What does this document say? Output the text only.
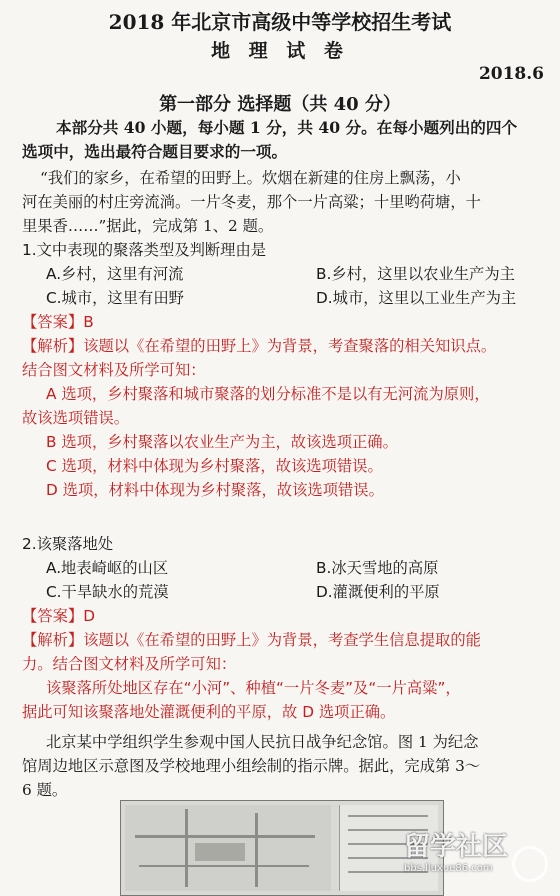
2018 年北京市高级中等学校招生考试
地 理 试 卷
2018.6
第一部分 选择题（共 40 分）
本部分共 40 小题，每小题 1 分，共 40 分。在每小题列出的四个
选项中，选出最符合题目要求的一项。
“我们的家乡，在希望的田野上。炊烟在新建的住房上飘荡，小
河在美丽的村庄旁流淌。一片冬麦，那个一片高粱；十里哟荷塘，十
里果香……”据此，完成第 1、2 题。
1.文中表现的聚落类型及判断理由是
A.乡村，这里有河流	B.乡村，这里以农业生产为主
C.城市，这里有田野	D.城市，这里以工业生产为主
【答案】B
【解析】该题以《在希望的田野上》为背景，考查聚落的相关知识点。
结合图文材料及所学可知：
A 选项，乡村聚落和城市聚落的划分标准不是以有无河流为原则，
故该选项错误。
B 选项，乡村聚落以农业生产为主，故该选项正确。
C 选项，材料中体现为乡村聚落，故该选项错误。
D 选项，材料中体现为乡村聚落，故该选项错误。
2.该聚落地处
A.地表崎岖的山区	B.冰天雪地的高原
C.干旱缺水的荒漠	D.灌溉便利的平原
【答案】D
【解析】该题以《在希望的田野上》为背景，考查学生信息提取的能
力。结合图文材料及所学可知：
该聚落所处地区存在“小河”、种植“一片冬麦”及“一片高粱”，
据此可知该聚落地处灌溉便利的平原，故 D 选项正确。
北京某中学组织学生参观中国人民抗日战争纪念馆。图 1 为纪念
馆周边地区示意图及学校地理小组绘制的指示牌。据此，完成第 3～
6 题。
留学社区
bbs.liuxue86.com
